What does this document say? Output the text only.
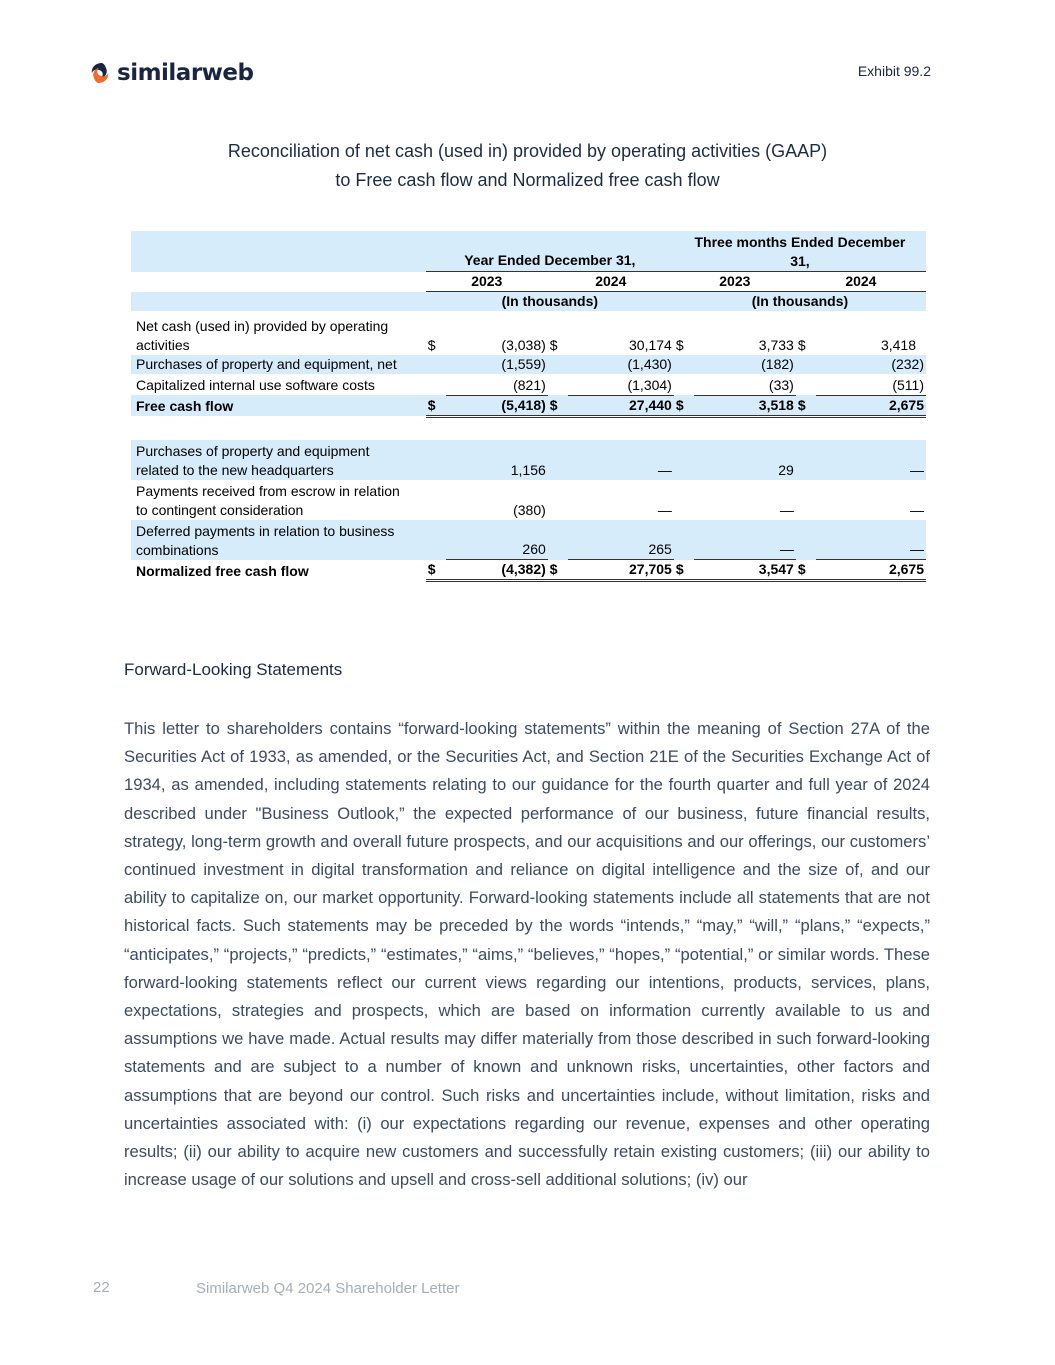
similarweb	Exhibit 99.2
Reconciliation of net cash (used in) provided by operating activities (GAAP)
to Free cash flow and Normalized free cash flow
	Year Ended December 31,				Three months Ended December
31,			
	2023		2024		2023		2024	
	(In thousands)				(In thousands)			
Net cash (used in) provided by operating
activities	$	(3,038)	$	30,174	$	3,733	$	3,418
Purchases of property and equipment, net		(1,559)		(1,430)		(182)		(232)
Capitalized internal use software costs		(821)		(1,304)		(33)		(511)
Free cash flow	$	(5,418)	$	27,440	$	3,518	$	2,675

Purchases of property and equipment
related to the new headquarters		1,156		—		29		—
Payments received from escrow in relation
to contingent consideration		(380)		—		—		—
Deferred payments in relation to business
combinations		260		265		—		—
Normalized free cash flow	$	(4,382)	$	27,705	$	3,547	$	2,675
Forward-Looking Statements

This letter to shareholders contains “forward-looking statements” within the meaning of Section 27A of the Securities Act of 1933, as amended, or the Securities Act, and Section 21E of the Securities Exchange Act of 1934, as amended, including statements relating to our guidance for the fourth quarter and full year of 2024 described under "Business Outlook,” the expected performance of our business, future financial results, strategy, long-term growth and overall future prospects, and our acquisitions and our offerings, our customers’ continued investment in digital transformation and reliance on digital intelligence and the size of, and our ability to capitalize on, our market opportunity. Forward-looking statements include all statements that are not historical facts. Such statements may be preceded by the words “intends,” “may,” “will,” “plans,” “expects,” “anticipates,” “projects,” “predicts,” “estimates,” “aims,” “believes,” “hopes,” “potential,” or similar words. These forward-looking statements reflect our current views regarding our intentions, products, services, plans, expectations, strategies and prospects, which are based on information currently available to us and assumptions we have made. Actual results may differ materially from those described in such forward-looking statements and are subject to a number of known and unknown risks, uncertainties, other factors and assumptions that are beyond our control. Such risks and uncertainties include, without limitation, risks and uncertainties associated with: (i) our expectations regarding our revenue, expenses and other operating results; (ii) our ability to acquire new customers and successfully retain existing customers; (iii) our ability to increase usage of our solutions and upsell and cross-sell additional solutions; (iv) our

22	Similarweb Q4 2024 Shareholder Letter
